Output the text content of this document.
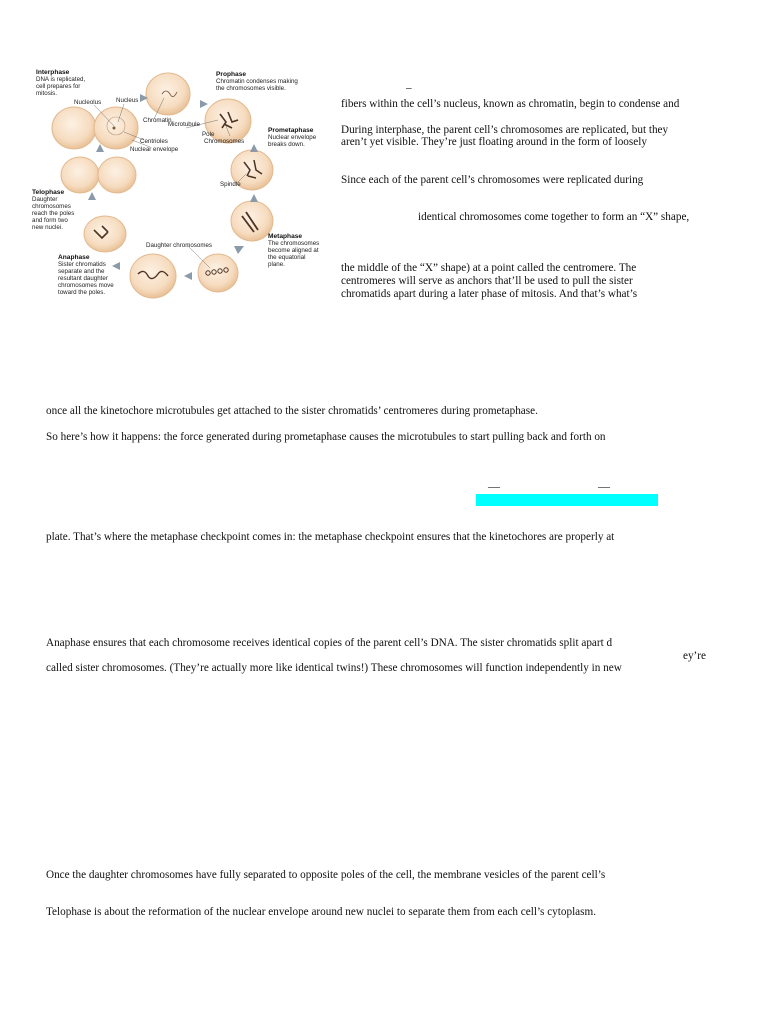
Interphase
DNA is replicated,
cell prepares for
mitosis.
Prophase
Chromatin condenses making
the chromosomes visible.
Prometaphase
Nuclear envelope
breaks down.
Metaphase
The chromosomes
become aligned at
the equatorial
plane.
Anaphase
Sister chromatids
separate and the
resultant daughter
chromosomes move
toward the poles.
Telophase
Daughter
chromosomes
reach the poles
and form two
new nuclei.
Nucleolus Nucleus
Chromatin
Microtubule
Centrioles
Nuclear envelope
Pole
Chromosomes
Spindle
Daughter chromosomes
–
fibers within the cell’s nucleus, known as chromatin, begin to condense and
During interphase, the parent cell’s chromosomes are replicated, but they
aren’t yet visible. They’re just floating around in the form of loosely
Since each of the parent cell’s chromosomes were replicated during
identical chromosomes come together to form an “X” shape,
the middle of the “X” shape) at a point called the centromere. The
centromeres will serve as anchors that’ll be used to pull the sister
chromatids apart during a later phase of mitosis. And that’s what’s
once all the kinetochore microtubules get attached to the sister chromatids’ centromeres during prometaphase.
So here’s how it happens: the force generated during prometaphase causes the microtubules to start pulling back and forth on
—	—
plate. That’s where the metaphase checkpoint comes in: the metaphase checkpoint ensures that the kinetochores are properly at
Anaphase ensures that each chromosome receives identical copies of the parent cell’s DNA. The sister chromatids split apart d
ey’re
called sister chromosomes. (They’re actually more like identical twins!) These chromosomes will function independently in new
Once the daughter chromosomes have fully separated to opposite poles of the cell, the membrane vesicles of the parent cell’s
Telophase is about the reformation of the nuclear envelope around new nuclei to separate them from each cell’s cytoplasm.
